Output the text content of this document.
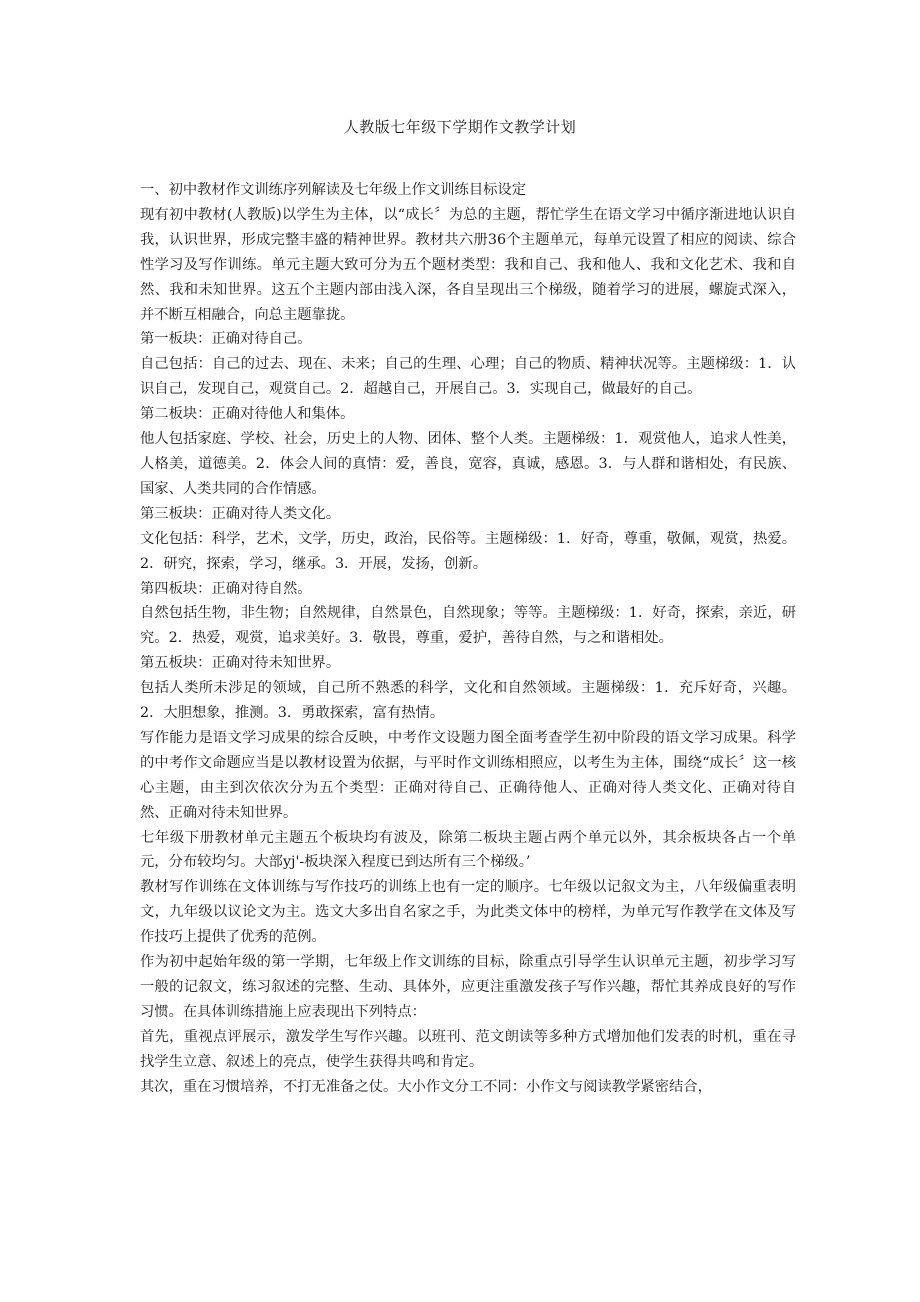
人教版七年级下学期作文教学计划

一、初中教材作文训练序列解读及七年级上作文训练目标设定

现有初中教材(人教版)以学生为主体，以“成长〞为总的主题，帮忙学生在语文学习中循序渐进地认识自我，认识世界，形成完整丰盛的精神世界。教材共六册36个主题单元，每单元设置了相应的阅读、综合性学习及写作训练。单元主题大致可分为五个题材类型：我和自己、我和他人、我和文化艺术、我和自然、我和未知世界。这五个主题内部由浅入深，各自呈现出三个梯级，随着学习的进展，螺旋式深入，并不断互相融合，向总主题靠拢。

第一板块：正确对待自己。

自己包括：自己的过去、现在、未来；自己的生理、心理；自己的物质、精神状况等。主题梯级：1．认识自己，发现自己，观赏自己。2．超越自己，开展自己。3．实现自己，做最好的自己。

第二板块：正确对待他人和集体。

他人包括家庭、学校、社会，历史上的人物、团体、整个人类。主题梯级：1．观赏他人，追求人性美，人格美，道德美。2．体会人间的真情：爱，善良，宽容，真诚，感恩。3．与人群和谐相处，有民族、国家、人类共同的合作情感。

第三板块：正确对待人类文化。

文化包括：科学，艺术，文学，历史，政治，民俗等。主题梯级：1．好奇，尊重，敬佩，观赏，热爱。2．研究，探索，学习，继承。3．开展，发扬，创新。

第四板块：正确对待自然。

自然包括生物，非生物；自然规律，自然景色，自然现象；等等。主题梯级：1．好奇，探索，亲近，研究。2．热爱，观赏，追求美好。3．敬畏，尊重，爱护，善待自然，与之和谐相处。

第五板块：正确对待未知世界。

包括人类所未涉足的领域，自己所不熟悉的科学，文化和自然领域。主题梯级：1．充斥好奇，兴趣。2．大胆想象，推测。3．勇敢探索，富有热情。

写作能力是语文学习成果的综合反映，中考作文设题力图全面考查学生初中阶段的语文学习成果。科学的中考作文命题应当是以教材设置为依据，与平时作文训练相照应，以考生为主体，围绕“成长〞这一核心主题，由主到次依次分为五个类型：正确对待自己、正确待他人、正确对待人类文化、正确对待自然、正确对待未知世界。

七年级下册教材单元主题五个板块均有波及，除第二板块主题占两个单元以外，其余板块各占一个单元，分布较均匀。大部yj'-板块深入程度已到达所有三个梯级。’

教材写作训练在文体训练与写作技巧的训练上也有一定的顺序。七年级以记叙文为主，八年级偏重表明文，九年级以议论文为主。选文大多出自名家之手，为此类文体中的榜样，为单元写作教学在文体及写作技巧上提供了优秀的范例。

作为初中起始年级的第一学期，七年级上作文训练的目标，除重点引导学生认识单元主题，初步学习写一般的记叙文，练习叙述的完整、生动、具体外，应更注重激发孩子写作兴趣，帮忙其养成良好的写作习惯。在具体训练措施上应表现出下列特点：

首先，重视点评展示，激发学生写作兴趣。以班刊、范文朗读等多种方式增加他们发表的时机，重在寻找学生立意、叙述上的亮点，使学生获得共鸣和肯定。

其次，重在习惯培养，不打无准备之仗。大小作文分工不同：小作文与阅读教学紧密结合，
